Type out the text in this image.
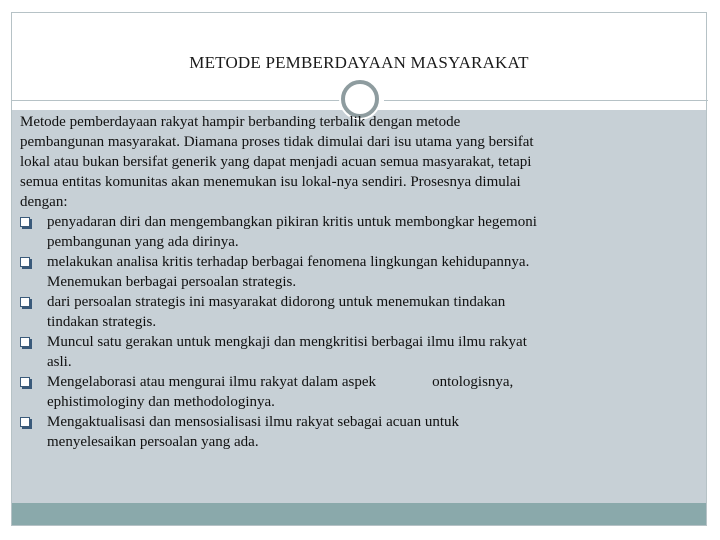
METODE PEMBERDAYAAN MASYARAKAT
Metode pemberdayaan rakyat hampir berbanding terbalik dengan metode
pembangunan masyarakat. Diamana proses tidak dimulai dari isu utama yang bersifat
lokal atau bukan bersifat generik yang dapat menjadi acuan semua masyarakat, tetapi
semua entitas komunitas akan menemukan isu lokal-nya sendiri. Prosesnya dimulai
dengan:
penyadaran diri dan mengembangkan pikiran kritis untuk membongkar hegemoni
pembangunan yang ada dirinya.
melakukan analisa kritis terhadap berbagai fenomena lingkungan kehidupannya.
Menemukan berbagai persoalan strategis.
dari persoalan strategis ini masyarakat didorong untuk menemukan tindakan
tindakan strategis.
Muncul satu gerakan untuk mengkaji dan mengkritisi berbagai ilmu ilmu rakyat
asli.
Mengelaborasi atau mengurai ilmu rakyat dalam aspek	ontologisnya,
ephistimologiny dan methodologinya.
Mengaktualisasi dan mensosialisasi ilmu rakyat sebagai acuan untuk
menyelesaikan persoalan yang ada.
